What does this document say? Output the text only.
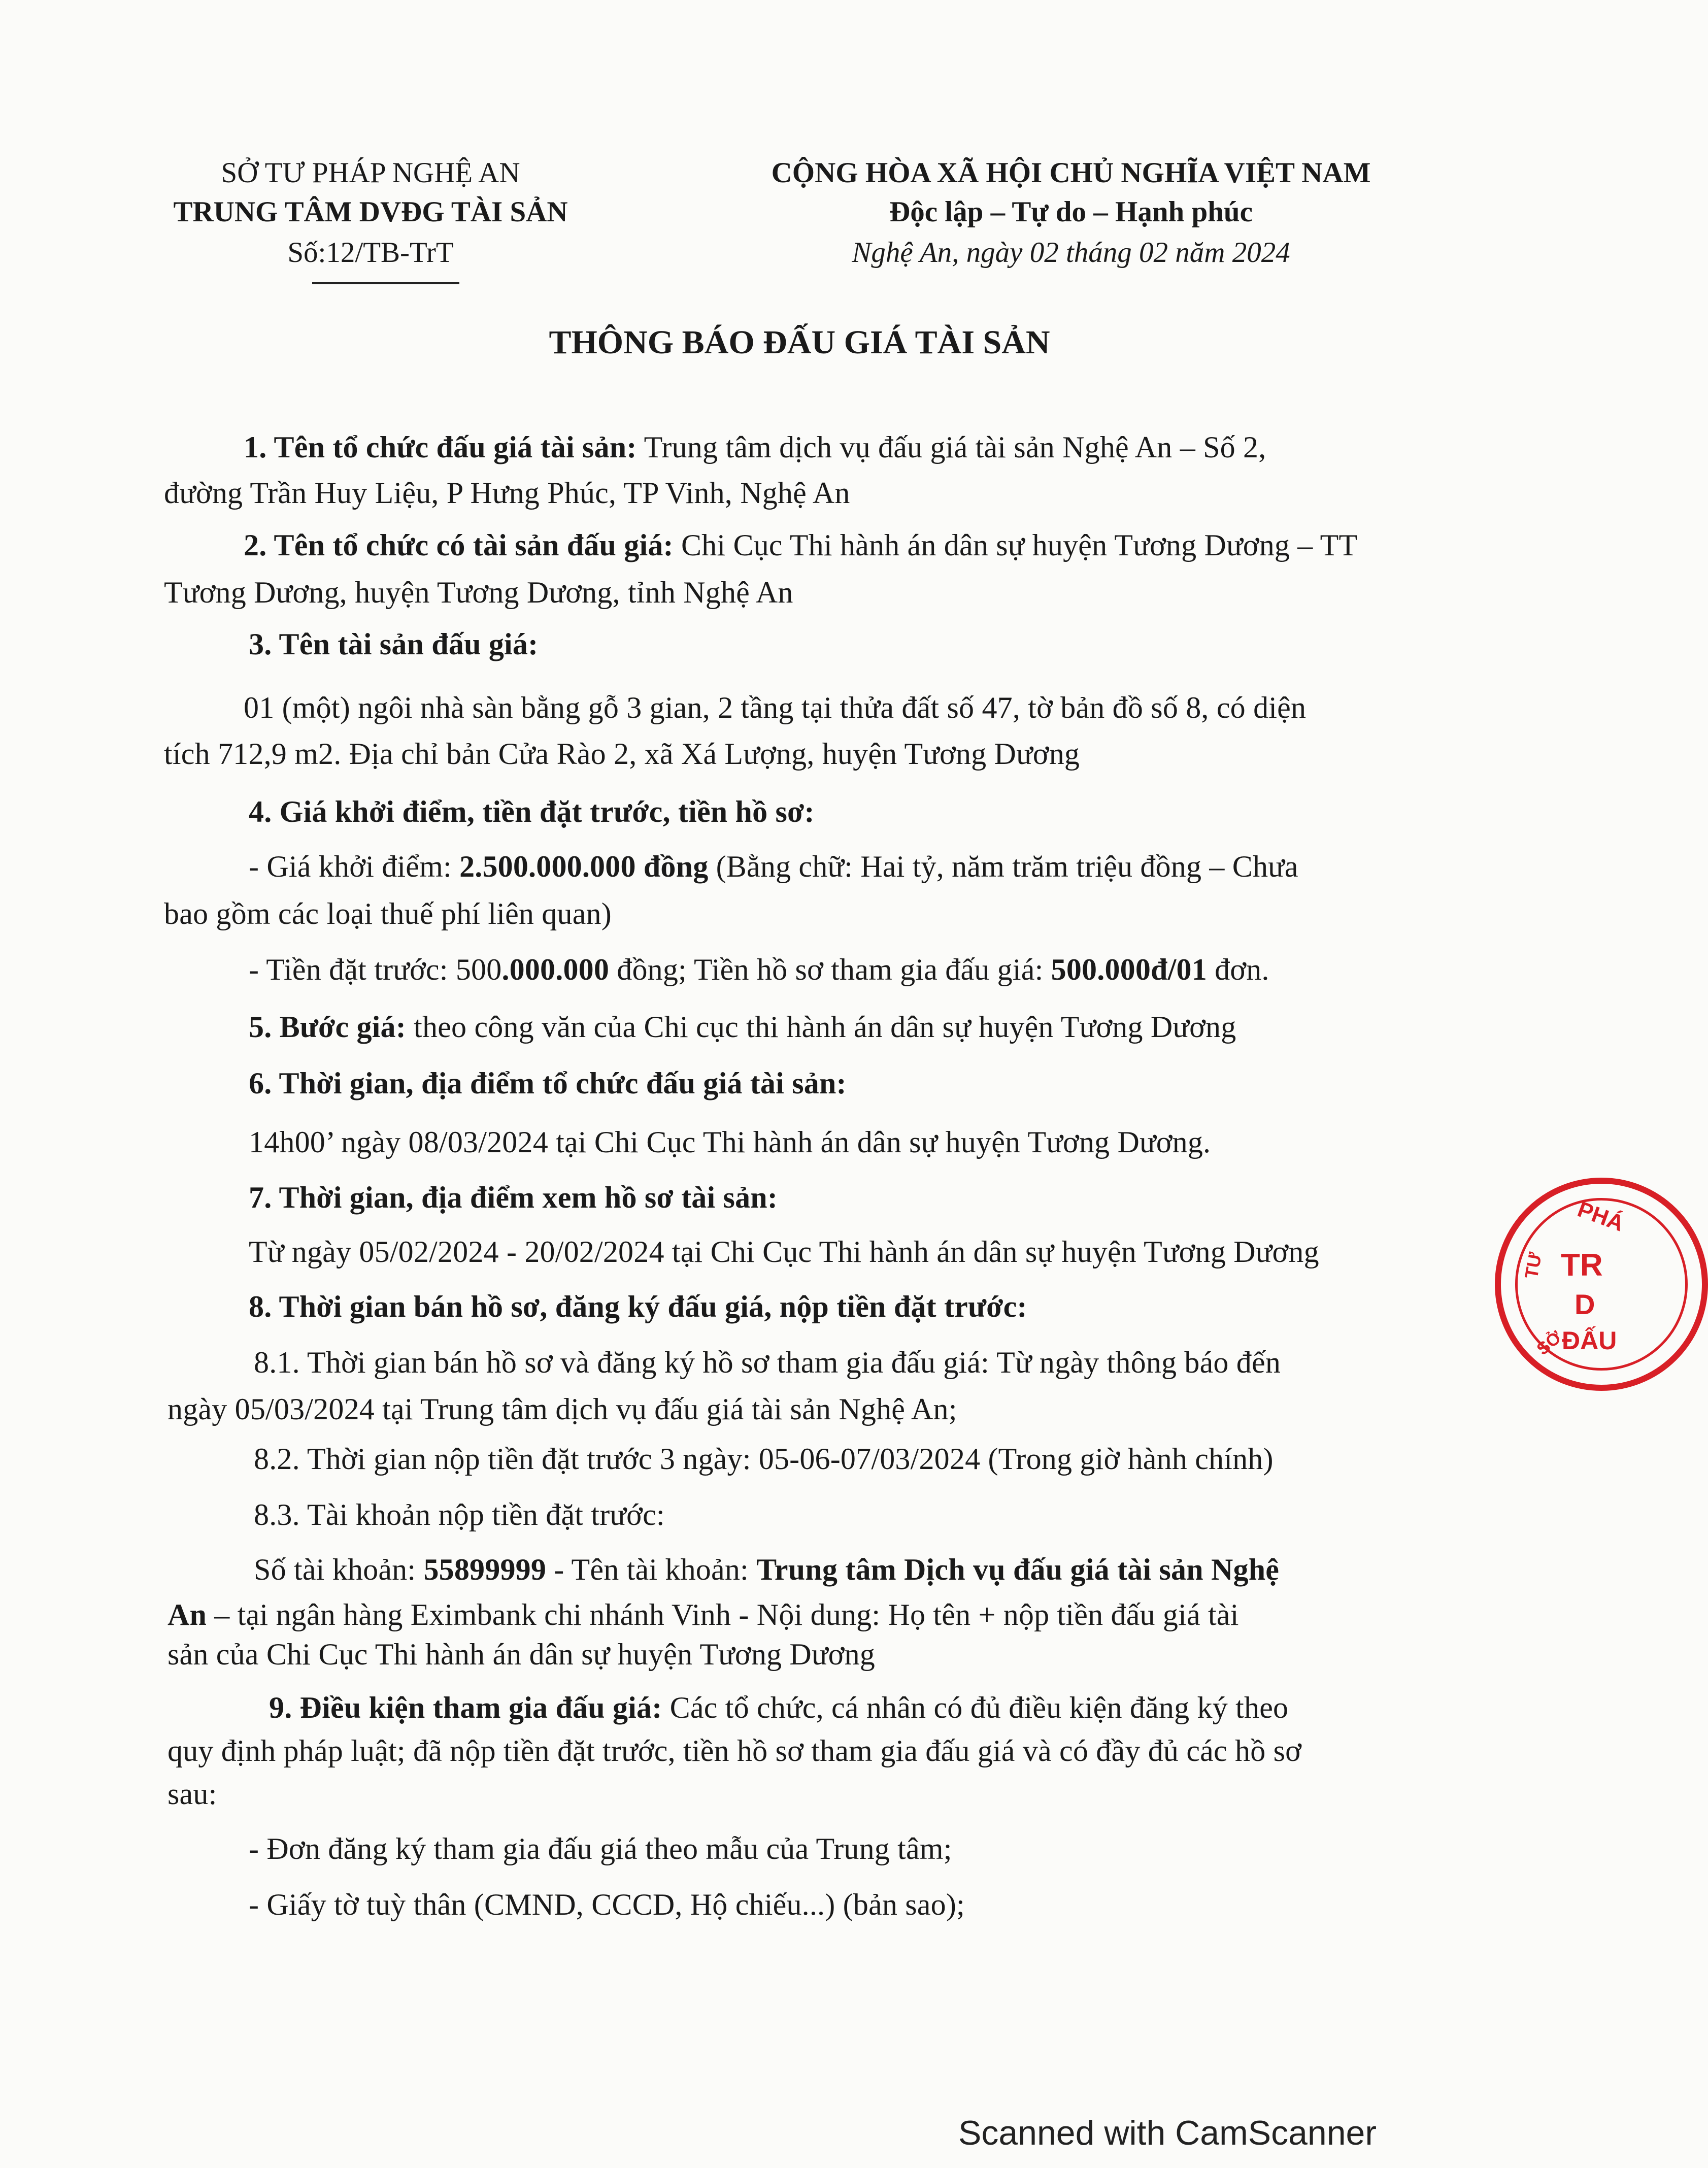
SỞ TƯ PHÁP NGHỆ AN
TRUNG TÂM DVĐG TÀI SẢN
Số:12/TB-TrT
CỘNG HÒA XÃ HỘI CHỦ NGHĨA VIỆT NAM
Độc lập – Tự do – Hạnh phúc
Nghệ An, ngày 02 tháng 02 năm 2024
THÔNG BÁO ĐẤU GIÁ TÀI SẢN
1. Tên tổ chức đấu giá tài sản: Trung tâm dịch vụ đấu giá tài sản Nghệ An – Số 2,
đường Trần Huy Liệu, P Hưng Phúc, TP Vinh, Nghệ An
2. Tên tổ chức có tài sản đấu giá: Chi Cục Thi hành án dân sự huyện Tương Dương – TT
Tương Dương, huyện Tương Dương, tỉnh Nghệ An
3. Tên tài sản đấu giá:
01 (một) ngôi nhà sàn bằng gỗ 3 gian, 2 tầng tại thửa đất số 47, tờ bản đồ số 8, có diện
tích 712,9 m2. Địa chỉ bản Cửa Rào 2, xã Xá Lượng, huyện Tương Dương
4. Giá khởi điểm, tiền đặt trước, tiền hồ sơ:
- Giá khởi điểm: 2.500.000.000 đồng (Bằng chữ: Hai tỷ, năm trăm triệu đồng – Chưa
bao gồm các loại thuế phí liên quan)
- Tiền đặt trước: 500.000.000 đồng; Tiền hồ sơ tham gia đấu giá: 500.000đ/01 đơn.
5. Bước giá: theo công văn của Chi cục thi hành án dân sự huyện Tương Dương
6. Thời gian, địa điểm tổ chức đấu giá tài sản:
14h00’ ngày 08/03/2024 tại Chi Cục Thi hành án dân sự huyện Tương Dương.
7. Thời gian, địa điểm xem hồ sơ tài sản:
Từ ngày 05/02/2024 - 20/02/2024 tại Chi Cục Thi hành án dân sự huyện Tương Dương
8. Thời gian bán hồ sơ, đăng ký đấu giá, nộp tiền đặt trước:
8.1. Thời gian bán hồ sơ và đăng ký hồ sơ tham gia đấu giá: Từ ngày thông báo đến
ngày 05/03/2024 tại Trung tâm dịch vụ đấu giá tài sản Nghệ An;
8.2. Thời gian nộp tiền đặt trước 3 ngày: 05-06-07/03/2024 (Trong giờ hành chính)
8.3. Tài khoản nộp tiền đặt trước:
Số tài khoản: 55899999 - Tên tài khoản: Trung tâm Dịch vụ đấu giá tài sản Nghệ
An – tại ngân hàng Eximbank chi nhánh Vinh - Nội dung: Họ tên + nộp tiền đấu giá tài
sản của Chi Cục Thi hành án dân sự huyện Tương Dương
9. Điều kiện tham gia đấu giá: Các tổ chức, cá nhân có đủ điều kiện đăng ký theo
quy định pháp luật; đã nộp tiền đặt trước, tiền hồ sơ tham gia đấu giá và có đầy đủ các hồ sơ
sau:
- Đơn đăng ký tham gia đấu giá theo mẫu của Trung tâm;
- Giấy tờ tuỳ thân (CMND, CCCD, Hộ chiếu...) (bản sao);
PHÁ
TR
D
ĐẤU
TƯ
SỞ
Scanned with CamScanner
